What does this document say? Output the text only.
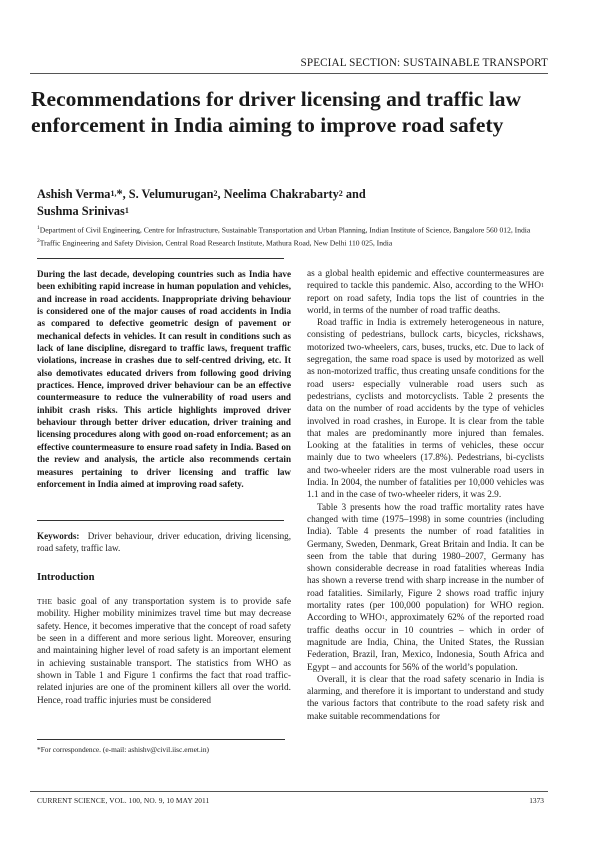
SPECIAL SECTION: SUSTAINABLE TRANSPORT
Recommendations for driver licensing and traffic law enforcement in India aiming to improve road safety
Ashish Verma$^{1,}$*, S. Velumurugan$^2$, Neelima Chakrabarty$^2$ and
Sushma Srinivas$^1$
$^1$Department of Civil Engineering, Centre for Infrastructure, Sustainable Transportation and Urban Planning, Indian Institute of Science, Bangalore 560 012, India
$^2$Traffic Engineering and Safety Division, Central Road Research Institute, Mathura Road, New Delhi 110 025, India
During the last decade, developing countries such as India have been exhibiting rapid increase in human population and vehicles, and increase in road accidents. Inappropriate driving behaviour is considered one of the major causes of road accidents in India as compared to defective geometric design of pavement or mechanical defects in vehicles. It can result in conditions such as lack of lane discipline, disregard to traffic laws, frequent traffic violations, increase in crashes due to self-centred driving, etc. It also demotivates educated drivers from following good driving practices. Hence, improved driver behaviour can be an effective countermeasure to reduce the vulnerability of road users and inhibit crash risks. This article highlights improved driver behaviour through better driver education, driver training and licensing procedures along with good on-road enforcement; as an effective countermeasure to ensure road safety in India. Based on the review and analysis, the article also recommends certain measures pertaining to driver licensing and traffic law enforcement in India aimed at improving road safety.
Keywords: Driver behaviour, driver education, driving licensing, road safety, traffic law.
Introduction
THE basic goal of any transportation system is to provide safe mobility. Higher mobility minimizes travel time but may decrease safety. Hence, it becomes imperative that the concept of road safety be seen in a different and more serious light. Moreover, ensuring and maintaining higher level of road safety is an important element in achieving sustainable transport. The statistics from WHO as shown in Table 1 and Figure 1 confirms the fact that road traffic-related injuries are one of the prominent killers all over the world. Hence, road traffic injuries must be considered
*For correspondence. (e-mail: ashishv@civil.iisc.ernet.in)

as a global health epidemic and effective countermeasures are required to tackle this pandemic. Also, according to the WHO$^1$ report on road safety, India tops the list of countries in the world, in terms of the number of road traffic deaths.

Road traffic in India is extremely heterogeneous in nature, consisting of pedestrians, bullock carts, bicycles, rickshaws, motorized two-wheelers, cars, buses, trucks, etc. Due to lack of segregation, the same road space is used by motorized as well as non-motorized traffic, thus creating unsafe conditions for the road users$^2$ especially vulnerable road users such as pedestrians, cyclists and motorcyclists. Table 2 presents the data on the number of road accidents by the type of vehicles involved in road crashes, in Europe. It is clear from the table that males are predominantly more injured than females. Looking at the fatalities in terms of vehicles, these occur mainly due to two wheelers (17.8%). Pedestrians, bi-cyclists and two-wheeler riders are the most vulnerable road users in India. In 2004, the number of fatalities per 10,000 vehicles was 1.1 and in the case of two-wheeler riders, it was 2.9.

Table 3 presents how the road traffic mortality rates have changed with time (1975–1998) in some countries (including India). Table 4 presents the number of road fatalities in Germany, Sweden, Denmark, Great Britain and India. It can be seen from the table that during 1980–2007, Germany has shown considerable decrease in road fatalities whereas India has shown a reverse trend with sharp increase in the number of road fatalities. Similarly, Figure 2 shows road traffic injury mortality rates (per 100,000 population) for WHO region. According to WHO$^1$, approximately 62% of the reported road traffic deaths occur in 10 countries – which in order of magnitude are India, China, the United States, the Russian Federation, Brazil, Iran, Mexico, Indonesia, South Africa and Egypt – and accounts for 56% of the world’s population.

Overall, it is clear that the road safety scenario in India is alarming, and therefore it is important to understand and study the various factors that contribute to the road safety risk and make suitable recommendations for

CURRENT SCIENCE, VOL. 100, NO. 9, 10 MAY 2011	1373
